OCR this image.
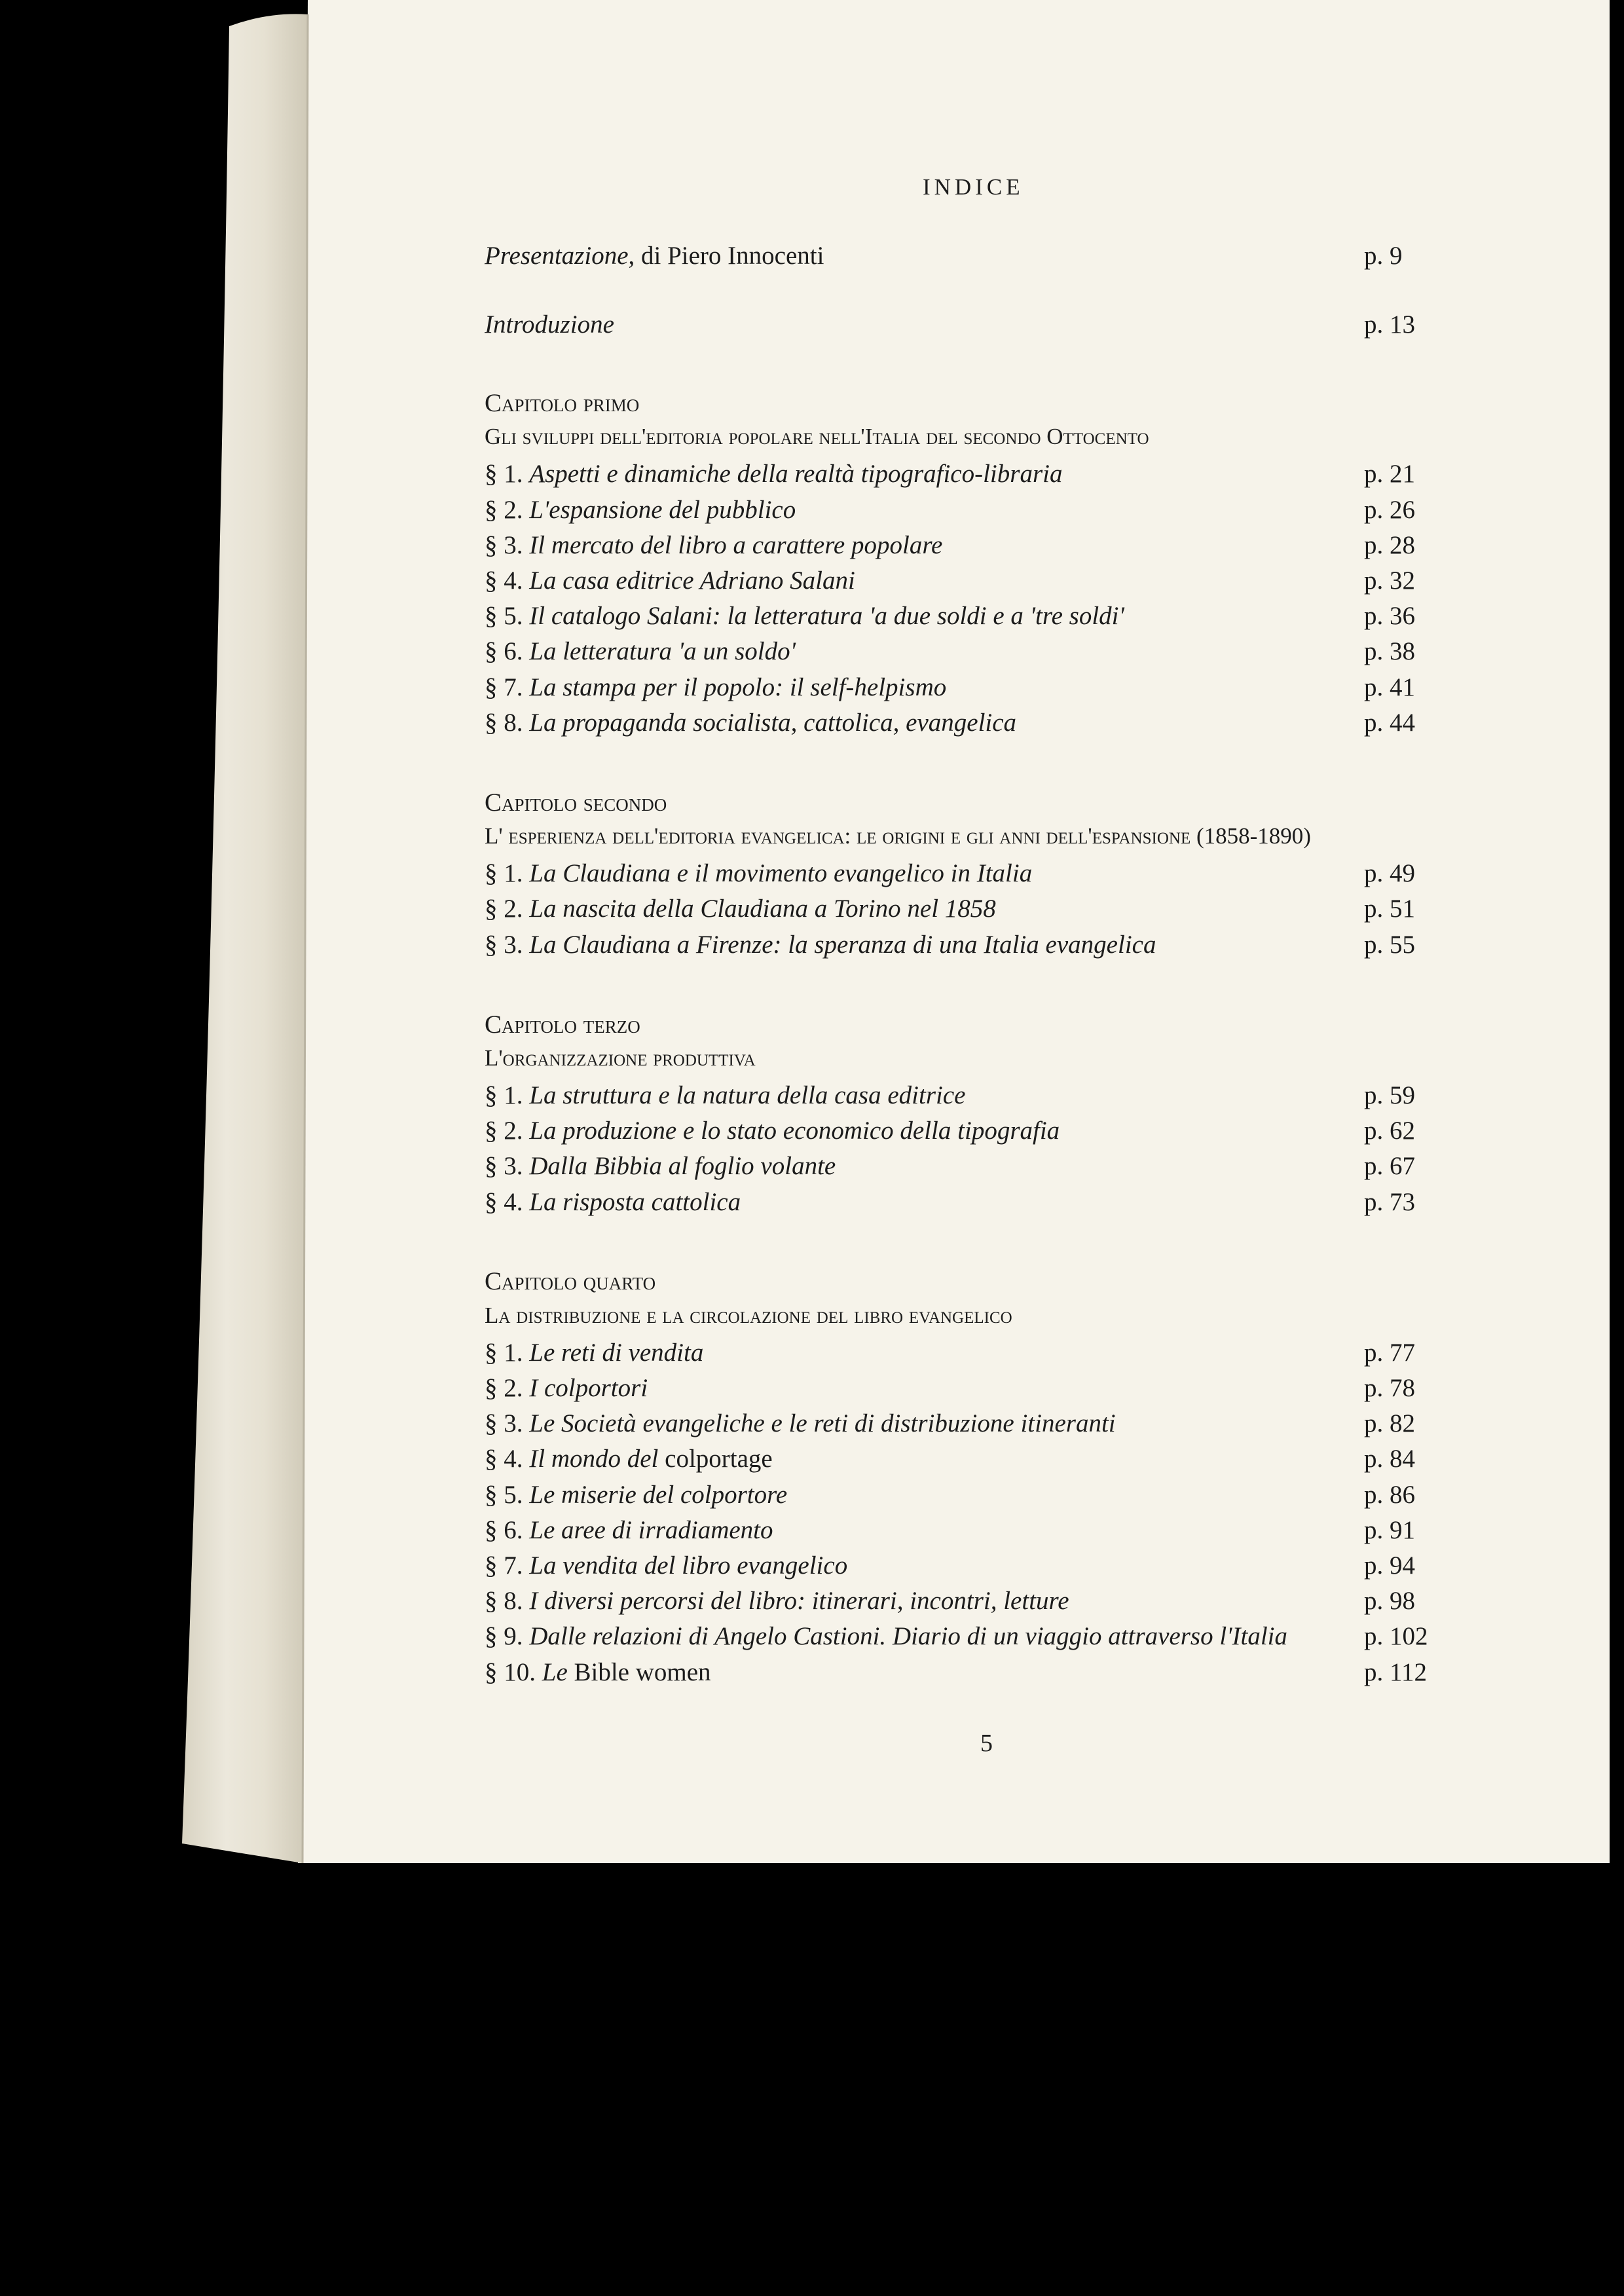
INDICE
Presentazione, di Piero Innocenti	p. 9
Introduzione	p. 13
Capitolo primo
Gli sviluppi dell'editoria popolare nell'Italia del secondo Ottocento
§ 1. Aspetti e dinamiche della realtà tipografico-libraria	p. 21
§ 2. L'espansione del pubblico	p. 26
§ 3. Il mercato del libro a carattere popolare	p. 28
§ 4. La casa editrice Adriano Salani	p. 32
§ 5. Il catalogo Salani: la letteratura 'a due soldi e a 'tre soldi'	p. 36
§ 6. La letteratura 'a un soldo'	p. 38
§ 7. La stampa per il popolo: il self-helpismo	p. 41
§ 8. La propaganda socialista, cattolica, evangelica	p. 44
Capitolo secondo
L' esperienza dell'editoria evangelica: le origini e gli anni dell'espansione (1858-1890)
§ 1. La Claudiana e il movimento evangelico in Italia	p. 49
§ 2. La nascita della Claudiana a Torino nel 1858	p. 51
§ 3. La Claudiana a Firenze: la speranza di una Italia evangelica	p. 55
Capitolo terzo
L'organizzazione produttiva
§ 1. La struttura e la natura della casa editrice	p. 59
§ 2. La produzione e lo stato economico della tipografia	p. 62
§ 3. Dalla Bibbia al foglio volante	p. 67
§ 4. La risposta cattolica	p. 73
Capitolo quarto
La distribuzione e la circolazione del libro evangelico
§ 1. Le reti di vendita	p. 77
§ 2. I colportori	p. 78
§ 3. Le Società evangeliche e le reti di distribuzione itineranti	p. 82
§ 4. Il mondo del colportage	p. 84
§ 5. Le miserie del colportore	p. 86
§ 6. Le aree di irradiamento	p. 91
§ 7. La vendita del libro evangelico	p. 94
§ 8. I diversi percorsi del libro: itinerari, incontri, letture	p. 98
§ 9. Dalle relazioni di Angelo Castioni. Diario di un viaggio attraverso l'Italia	p. 102
§ 10. Le Bible women	p. 112
5
